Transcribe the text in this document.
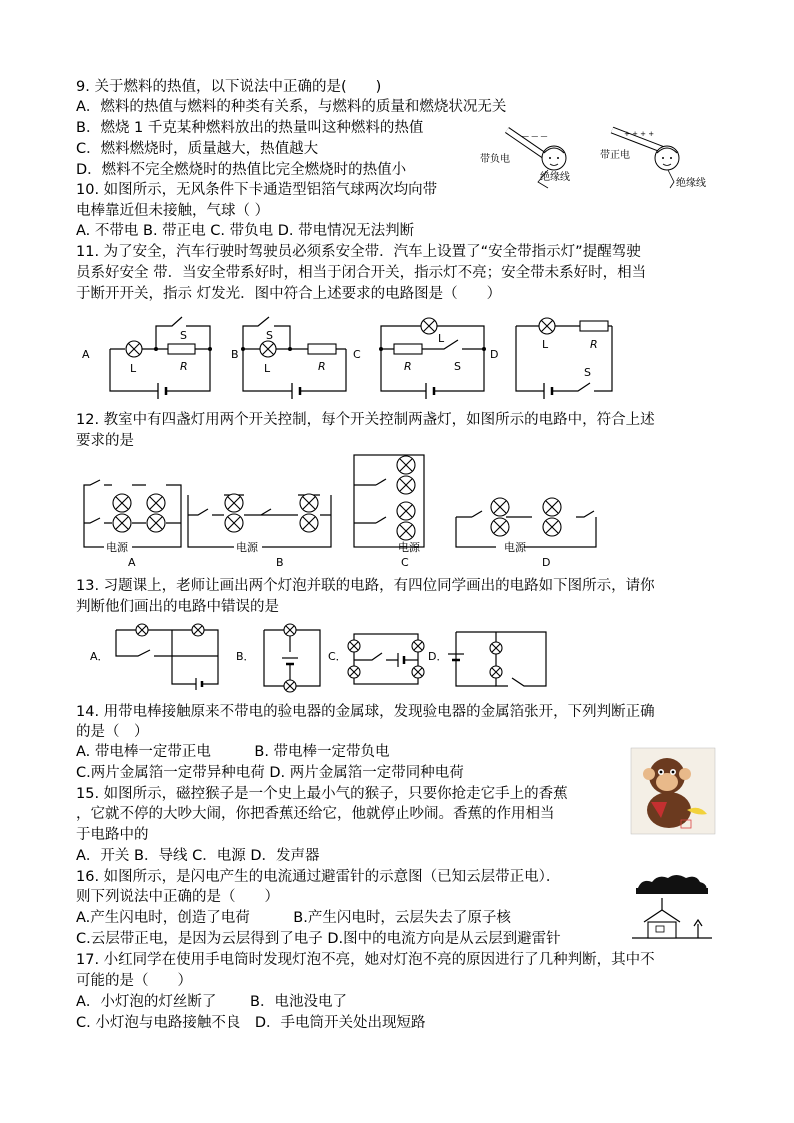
9. 关于燃料的热值，以下说法中正确的是(　　)
A．燃料的热值与燃料的种类有关系，与燃料的质量和燃烧状况无关
B．燃烧 1 千克某种燃料放出的热量叫这种燃料的热值
C．燃料燃烧时，质量越大，热值越大
D．燃料不完全燃烧时的热值比完全燃烧时的热值小
10. 如图所示，无风条件下卡通造型铝箔气球两次均向带
电棒靠近但未接触，气球（ ）
A. 不带电 B. 带正电 C. 带负电 D. 带电情况无法判断
— — —
带负电
绝缘线
+ + + +
带正电
绝缘线
11. 为了安全，汽车行驶时驾驶员必须系安全带．汽车上设置了“安全带指示灯”提醒驾驶
员系好安全 带．当安全带系好时，相当于闭合开关，指示灯不亮；安全带未系好时，相当
于断开开关，指示 灯发光．图中符合上述要求的电路图是（　　）
A
S
L	R
B
S
L	R
C
L
R	S
D
L	R
S
12. 教室中有四盏灯用两个开关控制，每个开关控制两盏灯，如图所示的电路中，符合上述
要求的是
电源
A
电源
B
电源
C
电源
D
13. 习题课上，老师让画出两个灯泡并联的电路，有四位同学画出的电路如下图所示，请你
判断他们画出的电路中错误的是
A．	B．	C．	D．
14. 用带电棒接触原来不带电的验电器的金属球，发现验电器的金属箔张开，下列判断正确
的是（　）
A. 带电棒一定带正电　　　B. 带电棒一定带负电
C.两片金属箔一定带异种电荷 D. 两片金属箔一定带同种电荷
15. 如图所示，磁控猴子是一个史上最小气的猴子，只要你抢走它手上的香蕉
，它就不停的大吵大闹，你把香蕉还给它，他就停止吵闹。香蕉的作用相当
于电路中的
A．开关 B．导线 C．电源 D．发声器
16. 如图所示，是闪电产生的电流通过避雷针的示意图（已知云层带正电）．
则下列说法中正确的是（　　）
A.产生闪电时，创造了电荷　　　B.产生闪电时，云层失去了原子核
C.云层带正电，是因为云层得到了电子 D.图中的电流方向是从云层到避雷针
17. 小红同学在使用手电筒时发现灯泡不亮，她对灯泡不亮的原因进行了几种判断，其中不
可能的是（　　）
A．小灯泡的灯丝断了　　 B．电池没电了
C. 小灯泡与电路接触不良　D．手电筒开关处出现短路
